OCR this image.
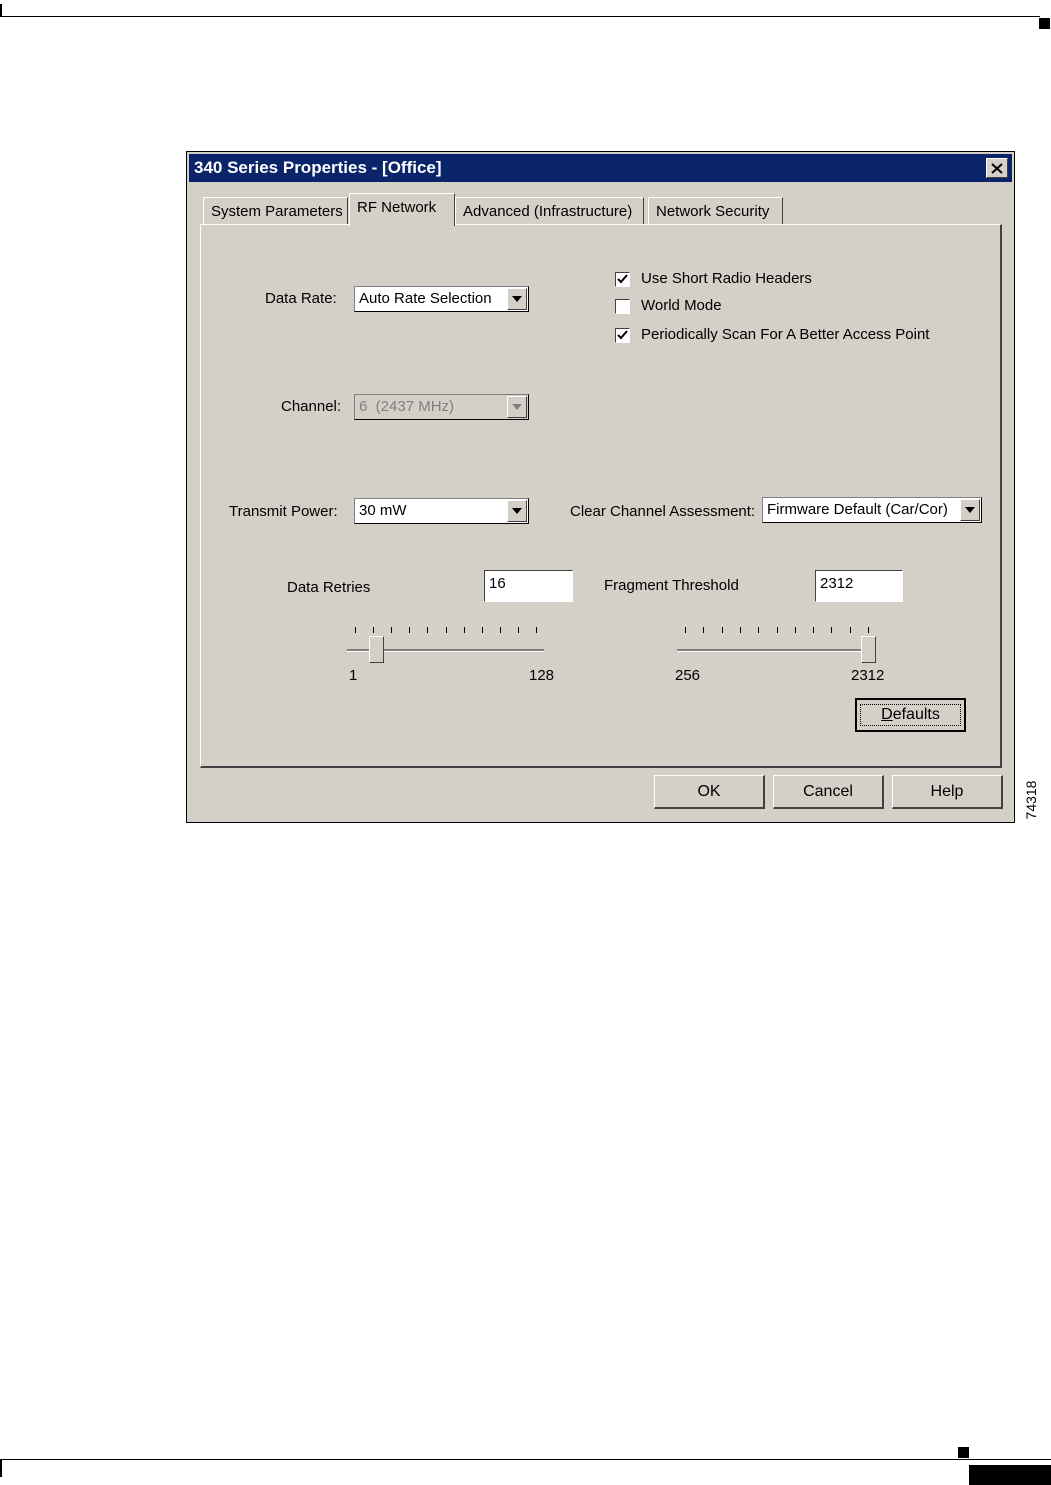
340 Series Properties - [Office]
System Parameters RF Network	Advanced (Infrastructure)	Network Security
Data Rate: Auto Rate Selection
Use Short Radio Headers
World Mode
Periodically Scan For A Better Access Point
Channel: 6  (2437 MHz)
Transmit Power: 30 mW	Clear Channel Assessment: Firmware Default (Car/Cor)
Data Retries	16
1	128
Fragment Threshold	2312
256	2312
Defaults
OK	Cancel	Help	74318
